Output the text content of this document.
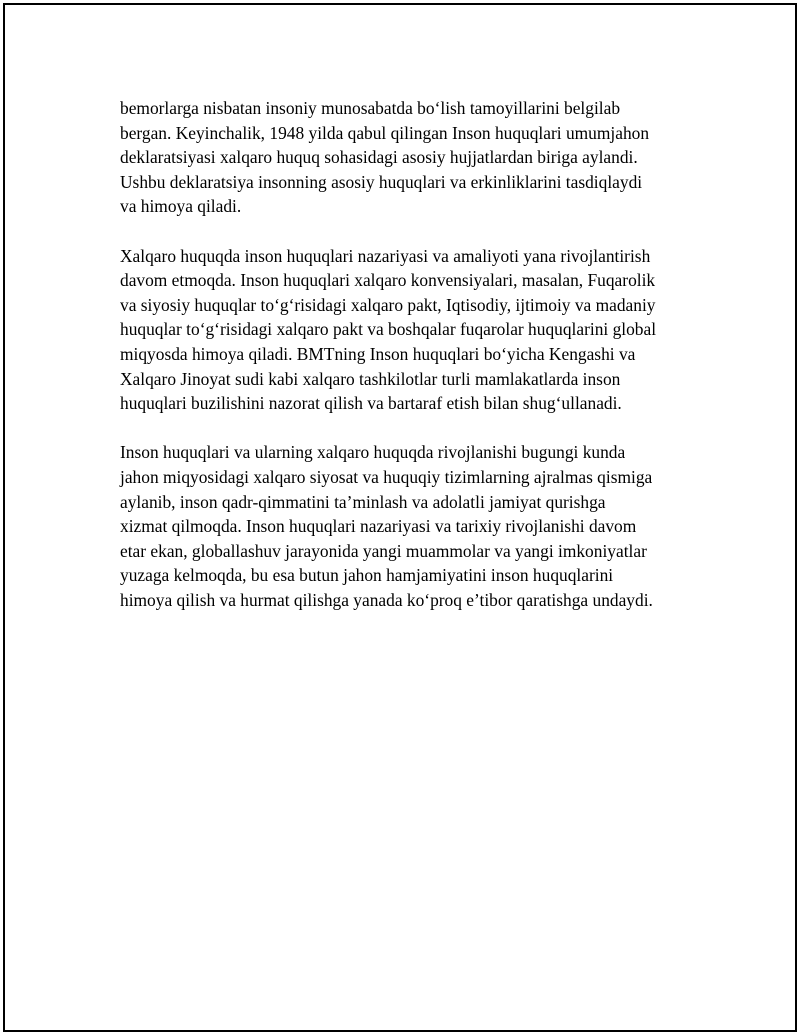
bemorlarga nisbatan insoniy munosabatda bo‘lish tamoyillarini belgilab
bergan. Keyinchalik, 1948 yilda qabul qilingan Inson huquqlari umumjahon
deklaratsiyasi xalqaro huquq sohasidagi asosiy hujjatlardan biriga aylandi.
Ushbu deklaratsiya insonning asosiy huquqlari va erkinliklarini tasdiqlaydi
va himoya qiladi.

Xalqaro huquqda inson huquqlari nazariyasi va amaliyoti yana rivojlantirish
davom etmoqda. Inson huquqlari xalqaro konvensiyalari, masalan, Fuqarolik
va siyosiy huquqlar to‘g‘risidagi xalqaro pakt, Iqtisodiy, ijtimoiy va madaniy
huquqlar to‘g‘risidagi xalqaro pakt va boshqalar fuqarolar huquqlarini global
miqyosda himoya qiladi. BMTning Inson huquqlari bo‘yicha Kengashi va
Xalqaro Jinoyat sudi kabi xalqaro tashkilotlar turli mamlakatlarda inson
huquqlari buzilishini nazorat qilish va bartaraf etish bilan shug‘ullanadi.

Inson huquqlari va ularning xalqaro huquqda rivojlanishi bugungi kunda
jahon miqyosidagi xalqaro siyosat va huquqiy tizimlarning ajralmas qismiga
aylanib, inson qadr-qimmatini ta’minlash va adolatli jamiyat qurishga
xizmat qilmoqda. Inson huquqlari nazariyasi va tarixiy rivojlanishi davom
etar ekan, globallashuv jarayonida yangi muammolar va yangi imkoniyatlar
yuzaga kelmoqda, bu esa butun jahon hamjamiyatini inson huquqlarini
himoya qilish va hurmat qilishga yanada ko‘proq e’tibor qaratishga undaydi.
